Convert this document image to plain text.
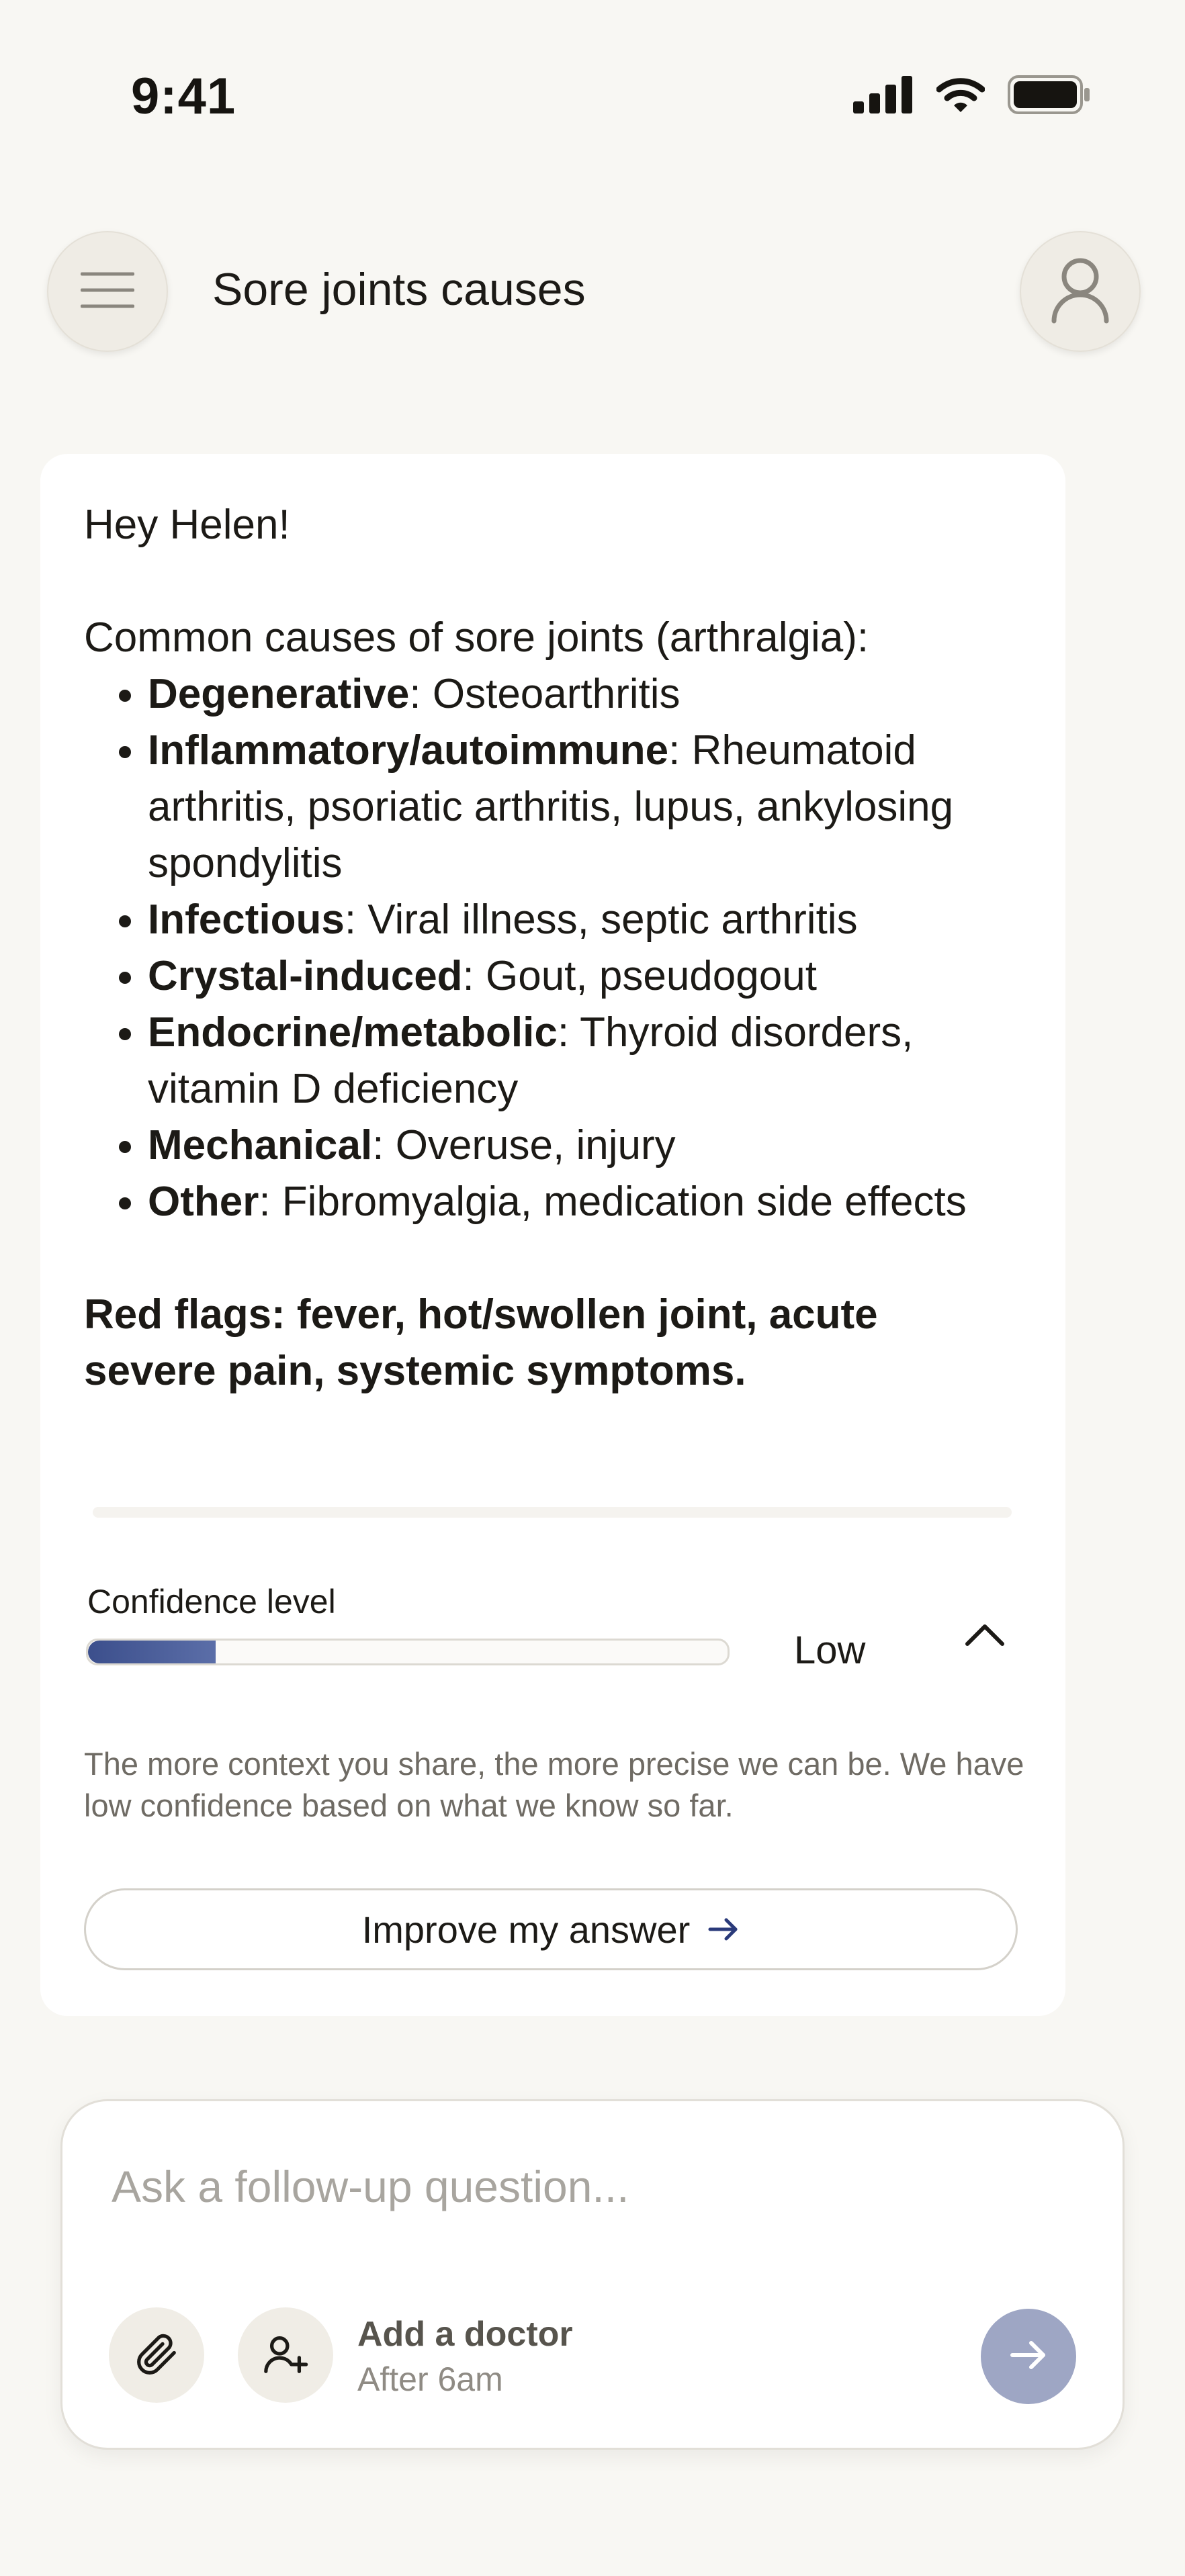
9:41
Sore joints causes

Hey Helen!

Common causes of sore joints (arthralgia):

• Degenerative: Osteoarthritis
• Inflammatory/autoimmune: Rheumatoid arthritis, psoriatic arthritis, lupus, ankylosing spondylitis
• Infectious: Viral illness, septic arthritis
• Crystal-induced: Gout, pseudogout
• Endocrine/metabolic: Thyroid disorders, vitamin D deficiency
• Mechanical: Overuse, injury
• Other: Fibromyalgia, medication side effects

Red flags: fever, hot/swollen joint, acute severe pain, systemic symptoms.

Confidence level
Low
The more context you share, the more precise we can be. We have low confidence based on what we know so far.
Improve my answer
Ask a follow-up question...
Add a doctor
After 6am
